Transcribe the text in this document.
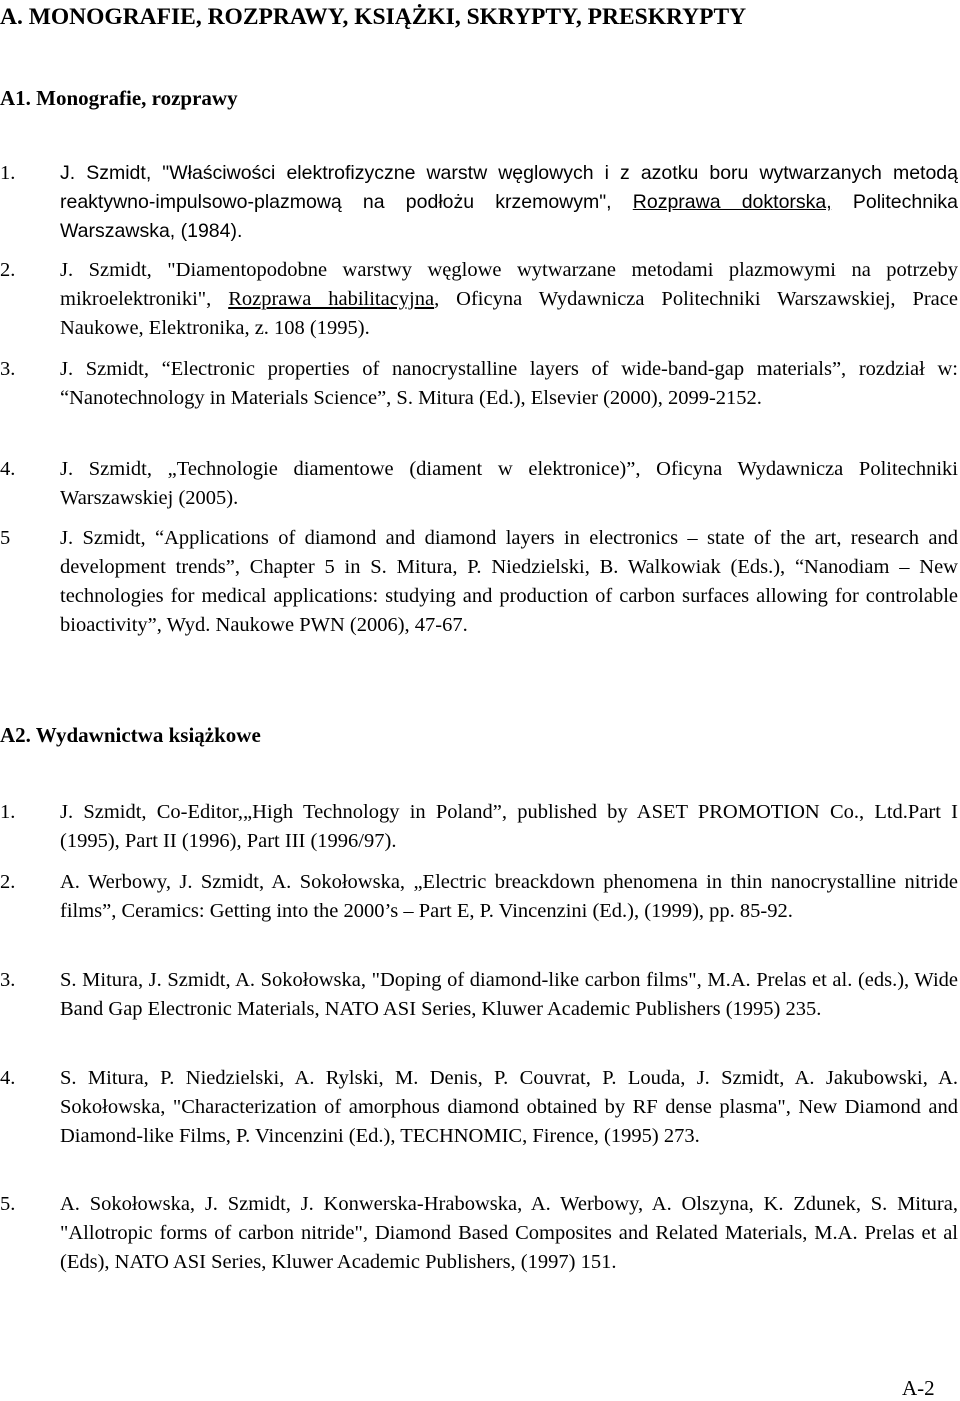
A. MONOGRAFIE, ROZPRAWY, KSIĄŻKI, SKRYPTY, PRESKRYPTY
A1. Monografie, rozprawy
1. J. Szmidt, "Właściwości elektrofizyczne warstw węglowych i z azotku boru wytwarzanych metodą reaktywno-impulsowo-plazmową na podłożu krzemowym", Rozprawa doktorska, Politechnika Warszawska, (1984).
2. J. Szmidt, "Diamentopodobne warstwy węglowe wytwarzane metodami plazmowymi na potrzeby mikroelektroniki", Rozprawa habilitacyjna, Oficyna Wydawnicza Politechniki Warszawskiej, Prace Naukowe, Elektronika, z. 108 (1995).
3. J. Szmidt, “Electronic properties of nanocrystalline layers of wide-band-gap materials”, rozdział w: “Nanotechnology in Materials Science”, S. Mitura (Ed.), Elsevier (2000), 2099-2152.
4. J. Szmidt, „Technologie diamentowe (diament w elektronice)”, Oficyna Wydawnicza Politechniki Warszawskiej (2005).
5 J. Szmidt, “Applications of diamond and diamond layers in electronics – state of the art, research and development trends”, Chapter 5 in S. Mitura, P. Niedzielski, B. Walkowiak (Eds.), “Nanodiam – New technologies for medical applications: studying and production of carbon surfaces allowing for controlable bioactivity”, Wyd. Naukowe PWN (2006), 47-67.
A2. Wydawnictwa książkowe
1. J. Szmidt, Co-Editor,„High Technology in Poland”, published by ASET PROMOTION Co., Ltd.Part I (1995), Part II (1996), Part III (1996/97).
2. A. Werbowy, J. Szmidt, A. Sokołowska, „Electric breackdown phenomena in thin nanocrystalline nitride films”, Ceramics: Getting into the 2000’s – Part E, P. Vincenzini (Ed.), (1999), pp. 85-92.
3. S. Mitura, J. Szmidt, A. Sokołowska, "Doping of diamond-like carbon films", M.A. Prelas et al. (eds.), Wide Band Gap Electronic Materials, NATO ASI Series, Kluwer Academic Publishers (1995) 235.
4. S. Mitura, P. Niedzielski, A. Rylski, M. Denis, P. Couvrat, P. Louda, J. Szmidt, A. Jakubowski, A. Sokołowska, "Characterization of amorphous diamond obtained by RF dense plasma", New Diamond and Diamond-like Films, P. Vincenzini (Ed.), TECHNOMIC, Firence, (1995) 273.
5. A. Sokołowska, J. Szmidt, J. Konwerska-Hrabowska, A. Werbowy, A. Olszyna, K. Zdunek, S. Mitura, "Allotropic forms of carbon nitride", Diamond Based Composites and Related Materials, M.A. Prelas et al (Eds), NATO ASI Series, Kluwer Academic Publishers, (1997) 151.
A-2
